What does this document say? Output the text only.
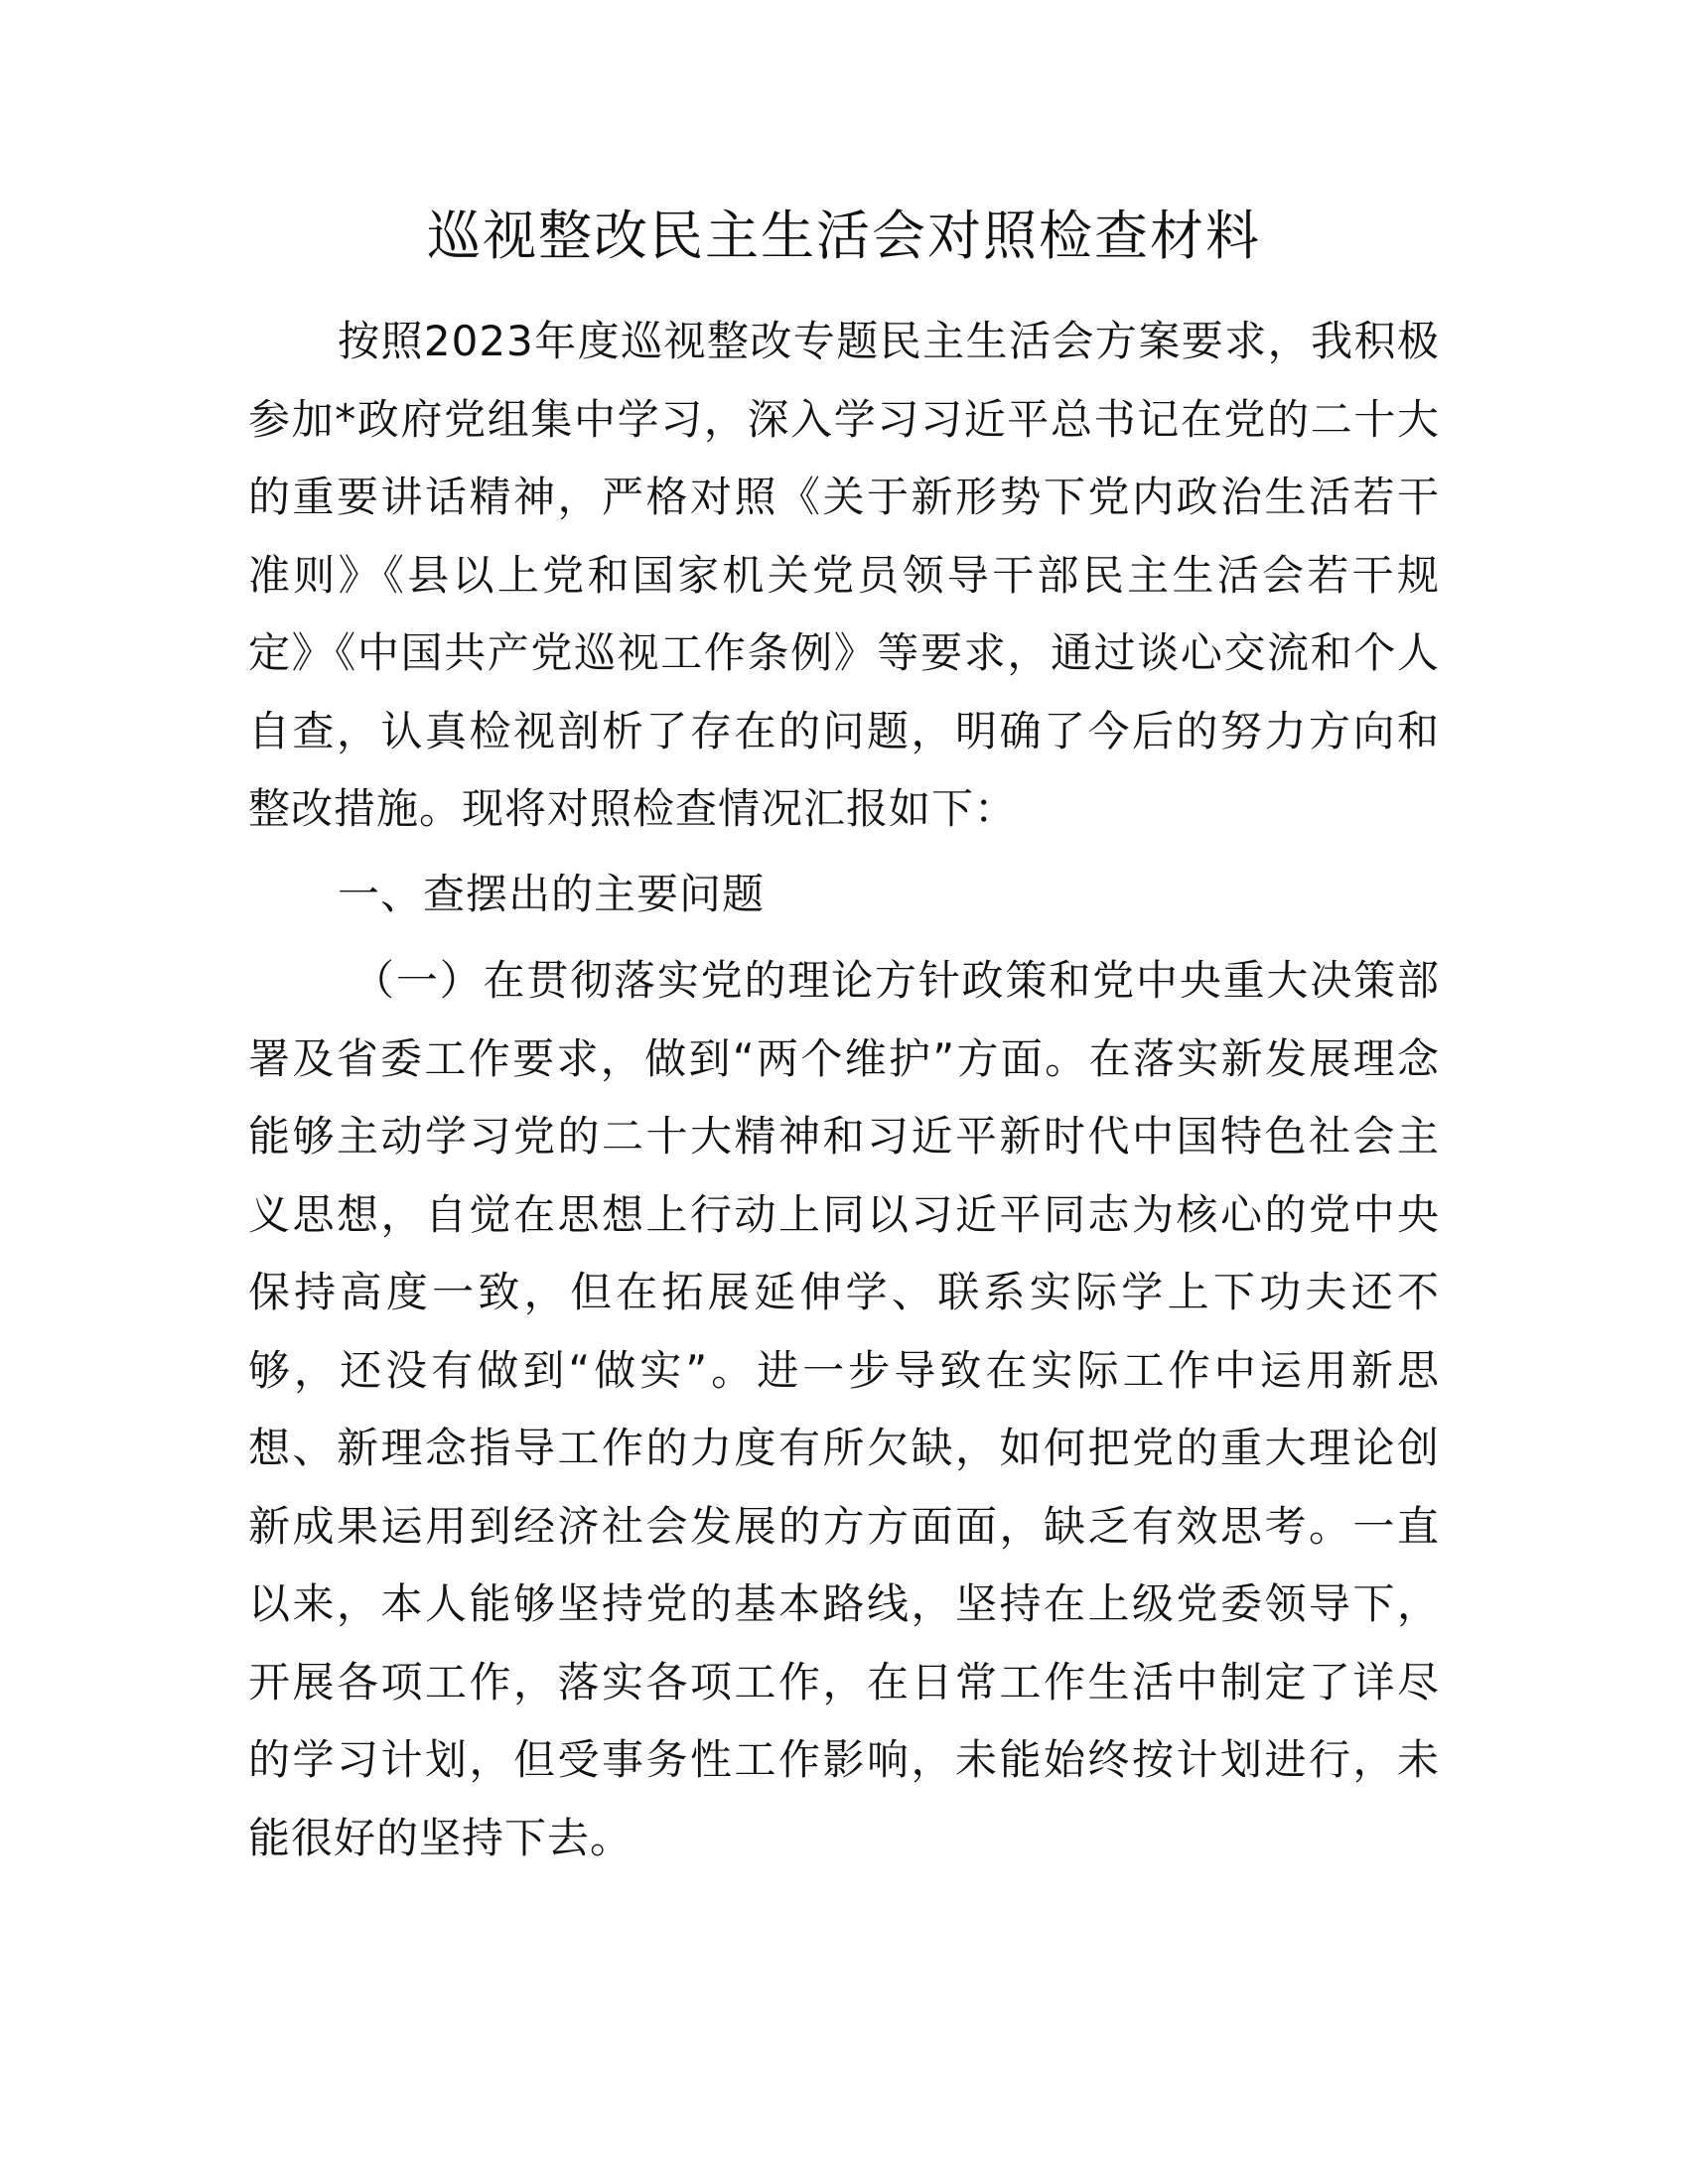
巡视整改民主生活会对照检查材料

按照2023年度巡视整改专题民主生活会方案要求，我积极参加*政府党组集中学习，深入学习习近平总书记在党的二十大的重要讲话精神，严格对照《关于新形势下党内政治生活若干准则》《县以上党和国家机关党员领导干部民主生活会若干规定》《中国共产党巡视工作条例》等要求，通过谈心交流和个人自查，认真检视剖析了存在的问题，明确了今后的努力方向和整改措施。现将对照检查情况汇报如下：

一、查摆出的主要问题

（一）在贯彻落实党的理论方针政策和党中央重大决策部署及省委工作要求，做到“两个维护”方面。在落实新发展理念能够主动学习党的二十大精神和习近平新时代中国特色社会主义思想，自觉在思想上行动上同以习近平同志为核心的党中央保持高度一致，但在拓展延伸学、联系实际学上下功夫还不够，还没有做到“做实”。进一步导致在实际工作中运用新思想、新理念指导工作的力度有所欠缺，如何把党的重大理论创新成果运用到经济社会发展的方方面面，缺乏有效思考。一直以来，本人能够坚持党的基本路线，坚持在上级党委领导下，开展各项工作，落实各项工作，在日常工作生活中制定了详尽的学习计划，但受事务性工作影响，未能始终按计划进行，未能很好的坚持下去。
